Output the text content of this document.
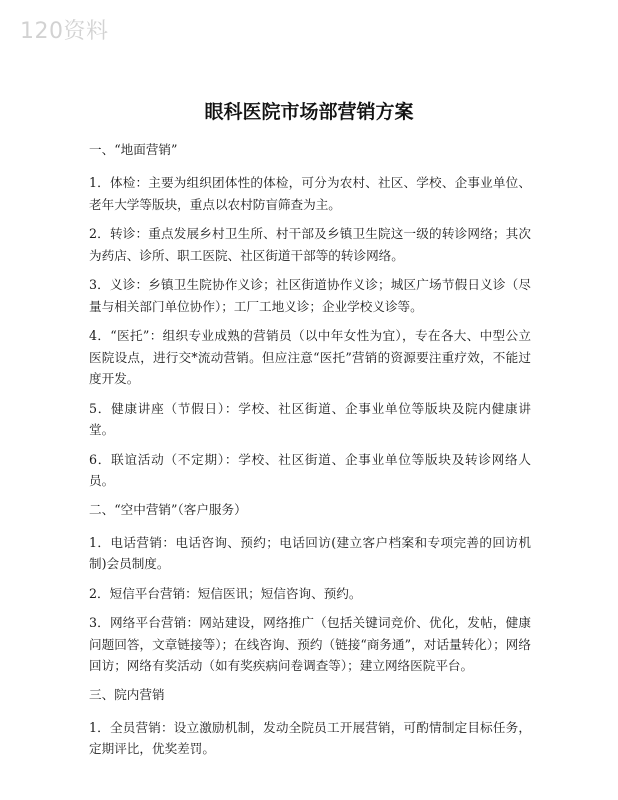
120资料
眼科医院市场部营销方案
一、“地面营销”
1．体检：主要为组织团体性的体检，可分为农村、社区、学校、企事业单位、老年大学等版块，重点以农村防盲筛查为主。
2．转诊：重点发展乡村卫生所、村干部及乡镇卫生院这一级的转诊网络；其次为药店、诊所、职工医院、社区街道干部等的转诊网络。
3．义诊：乡镇卫生院协作义诊；社区街道协作义诊；城区广场节假日义诊（尽量与相关部门单位协作）；工厂工地义诊；企业学校义诊等。
4．“医托”：组织专业成熟的营销员（以中年女性为宜），专在各大、中型公立医院设点，进行交*流动营销。但应注意“医托”营销的资源要注重疗效，不能过度开发。
5．健康讲座（节假日）：学校、社区街道、企事业单位等版块及院内健康讲堂。
6．联谊活动（不定期）：学校、社区街道、企事业单位等版块及转诊网络人员。
二、“空中营销”（客户服务）
1．电话营销：电话咨询、预约；电话回访(建立客户档案和专项完善的回访机制)会员制度。
2．短信平台营销：短信医讯；短信咨询、预约。
3．网络平台营销：网站建设，网络推广（包括关键词竞价、优化，发帖，健康问题回答，文章链接等）；在线咨询、预约（链接“商务通”，对话量转化）；网络回访；网络有奖活动（如有奖疾病问卷调查等）；建立网络医院平台。
三、院内营销
1．全员营销：设立激励机制，发动全院员工开展营销，可酌情制定目标任务，定期评比，优奖差罚。
